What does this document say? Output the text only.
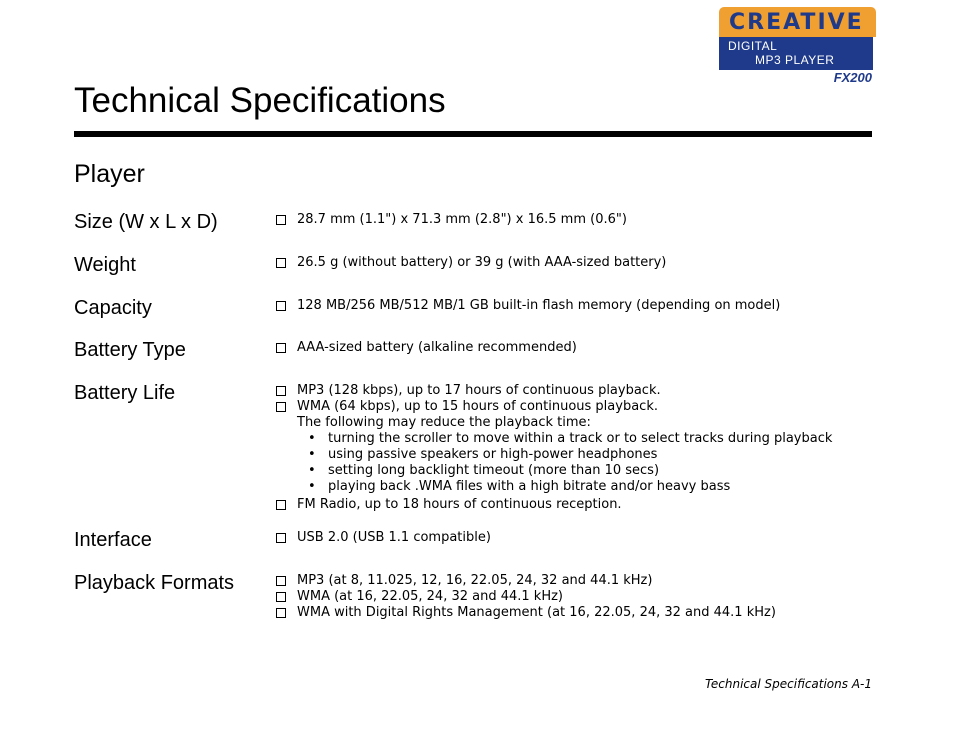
CREATIVE
DIGITAL
MP3 PLAYER
FX200
Technical Specifications
Player
Size (W x L x D)	28.7 mm (1.1") x 71.3 mm (2.8") x 16.5 mm (0.6")
Weight	26.5 g (without battery) or 39 g (with AAA-sized battery)
Capacity	128 MB/256 MB/512 MB/1 GB built-in flash memory (depending on model)
Battery Type	AAA-sized battery (alkaline recommended)
Battery Life	MP3 (128 kbps), up to 17 hours of continuous playback.
WMA (64 kbps), up to 15 hours of continuous playback.
The following may reduce the playback time:
• turning the scroller to move within a track or to select tracks during playback
• using passive speakers or high-power headphones
• setting long backlight timeout (more than 10 secs)
• playing back .WMA files with a high bitrate and/or heavy bass
FM Radio, up to 18 hours of continuous reception.
Interface	USB 2.0 (USB 1.1 compatible)
Playback Formats	MP3 (at 8, 11.025, 12, 16, 22.05, 24, 32 and 44.1 kHz)
WMA (at 16, 22.05, 24, 32 and 44.1 kHz)
WMA with Digital Rights Management (at 16, 22.05, 24, 32 and 44.1 kHz)
Technical Specifications A-1
